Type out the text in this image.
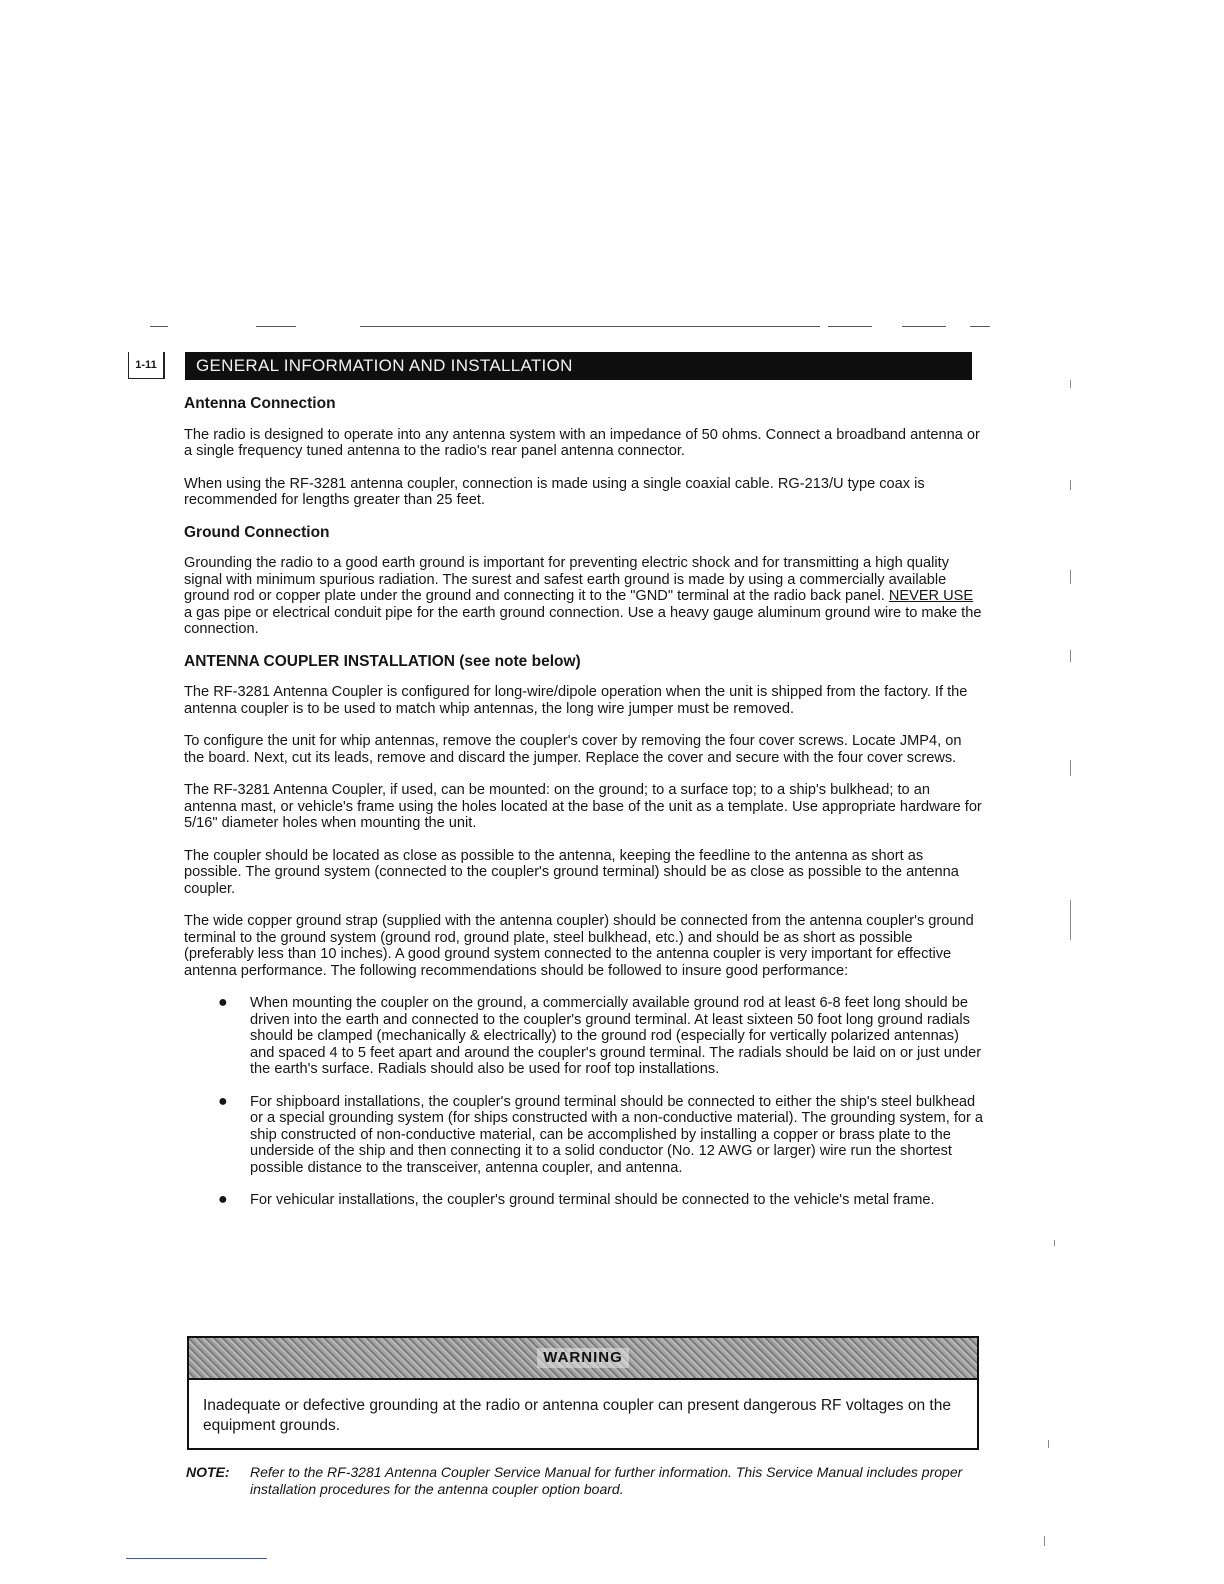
1-11	GENERAL INFORMATION AND INSTALLATION
Antenna Connection

The radio is designed to operate into any antenna system with an impedance of 50 ohms. Connect a broadband antenna or a single frequency tuned antenna to the radio's rear panel antenna connector.

When using the RF-3281 antenna coupler, connection is made using a single coaxial cable. RG-213/U type coax is recommended for lengths greater than 25 feet.

Ground Connection

Grounding the radio to a good earth ground is important for preventing electric shock and for transmitting a high quality signal with minimum spurious radiation. The surest and safest earth ground is made by using a commercially available ground rod or copper plate under the ground and connecting it to the "GND" terminal at the radio back panel. NEVER USE a gas pipe or electrical conduit pipe for the earth ground connection. Use a heavy gauge aluminum ground wire to make the connection.

ANTENNA COUPLER INSTALLATION (see note below)

The RF-3281 Antenna Coupler is configured for long-wire/dipole operation when the unit is shipped from the factory. If the antenna coupler is to be used to match whip antennas, the long wire jumper must be removed.

To configure the unit for whip antennas, remove the coupler's cover by removing the four cover screws. Locate JMP4, on the board. Next, cut its leads, remove and discard the jumper. Replace the cover and secure with the four cover screws.

The RF-3281 Antenna Coupler, if used, can be mounted: on the ground; to a surface top; to a ship's bulkhead; to an antenna mast, or vehicle's frame using the holes located at the base of the unit as a template. Use appropriate hardware for 5/16" diameter holes when mounting the unit.

The coupler should be located as close as possible to the antenna, keeping the feedline to the antenna as short as possible. The ground system (connected to the coupler's ground terminal) should be as close as possible to the antenna coupler.

The wide copper ground strap (supplied with the antenna coupler) should be connected from the antenna coupler's ground terminal to the ground system (ground rod, ground plate, steel bulkhead, etc.) and should be as short as possible (preferably less than 10 inches). A good ground system connected to the antenna coupler is very important for effective antenna performance. The following recommendations should be followed to insure good performance:

● When mounting the coupler on the ground, a commercially available ground rod at least 6-8 feet long should be driven into the earth and connected to the coupler's ground terminal. At least sixteen 50 foot long ground radials should be clamped (mechanically & electrically) to the ground rod (especially for vertically polarized antennas) and spaced 4 to 5 feet apart and around the coupler's ground terminal. The radials should be laid on or just under the earth's surface. Radials should also be used for roof top installations.
● For shipboard installations, the coupler's ground terminal should be connected to either the ship's steel bulkhead or a special grounding system (for ships constructed with a non-conductive material). The grounding system, for a ship constructed of non-conductive material, can be accomplished by installing a copper or brass plate to the underside of the ship and then connecting it to a solid conductor (No. 12 AWG or larger) wire run the shortest possible distance to the transceiver, antenna coupler, and antenna.
● For vehicular installations, the coupler's ground terminal should be connected to the vehicle's metal frame.
WARNING
Inadequate or defective grounding at the radio or antenna coupler can present dangerous RF voltages on the equipment grounds.
NOTE: Refer to the RF-3281 Antenna Coupler Service Manual for further information. This Service Manual includes proper installation procedures for the antenna coupler option board.
